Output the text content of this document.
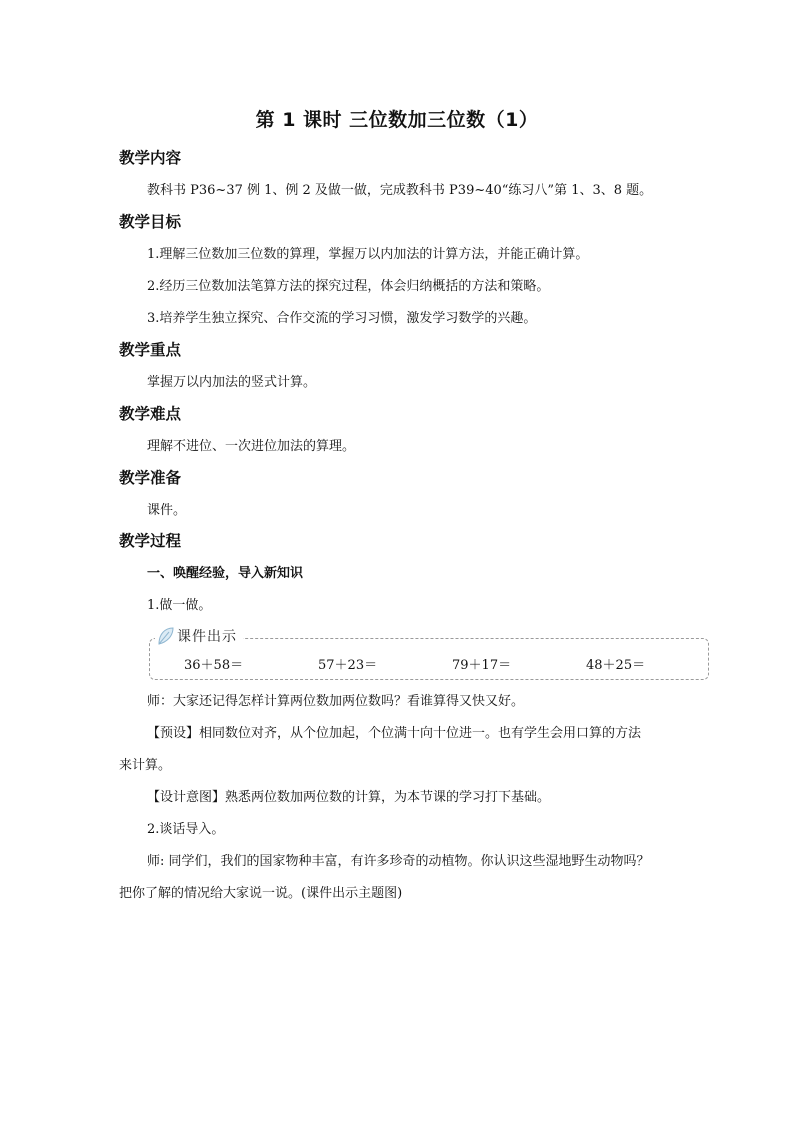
第 1 课时 三位数加三位数（1）
教学内容
教科书 P36~37 例 1、例 2 及做一做，完成教科书 P39~40“练习八”第 1、3、8 题。
教学目标
1.理解三位数加三位数的算理，掌握万以内加法的计算方法，并能正确计算。
2.经历三位数加法笔算方法的探究过程，体会归纳概括的方法和策略。
3.培养学生独立探究、合作交流的学习习惯，激发学习数学的兴趣。
教学重点
掌握万以内加法的竖式计算。
教学难点
理解不进位、一次进位加法的算理。
教学准备
课件。
教学过程
一、唤醒经验，导入新知识
1.做一做。
课件出示
36＋58＝	57＋23＝	79＋17＝	48＋25＝
师：大家还记得怎样计算两位数加两位数吗？看谁算得又快又好。
【预设】相同数位对齐，从个位加起，个位满十向十位进一。也有学生会用口算的方法
来计算。
【设计意图】熟悉两位数加两位数的计算，为本节课的学习打下基础。
2.谈话导入。
师: 同学们，我们的国家物种丰富，有许多珍奇的动植物。你认识这些湿地野生动物吗？
把你了解的情况给大家说一说。(课件出示主题图)
